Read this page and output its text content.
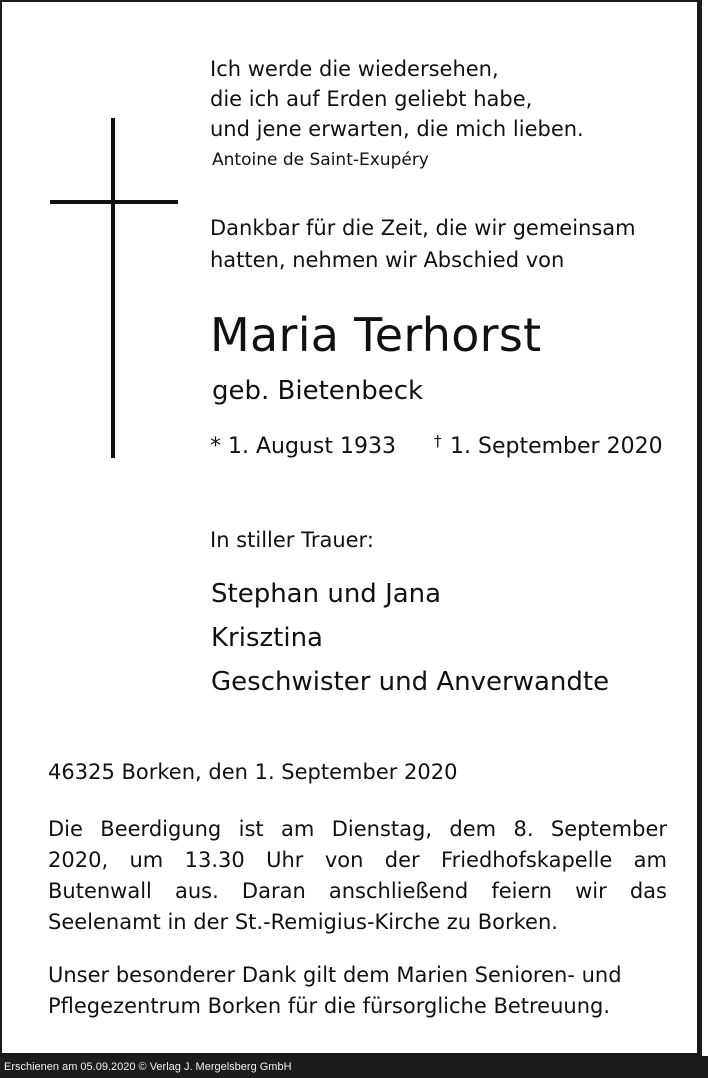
Ich werde die wiedersehen,
die ich auf Erden geliebt habe,
und jene erwarten, die mich lieben.
Antoine de Saint-Exupéry
Dankbar für die Zeit, die wir gemeinsam
hatten, nehmen wir Abschied von
Maria Terhorst
geb. Bietenbeck
* 1. August 1933	† 1. September 2020
In stiller Trauer:
Stephan und Jana
Krisztina
Geschwister und Anverwandte
46325 Borken, den 1. September 2020
Die Beerdigung ist am Dienstag, dem 8. September
2020, um 13.30 Uhr von der Friedhofskapelle am
Butenwall aus. Daran anschließend feiern wir das
Seelenamt in der St.-Remigius-Kirche zu Borken.
Unser besonderer Dank gilt dem Marien Senioren- und
Pflegezentrum Borken für die fürsorgliche Betreuung.
Erschienen am 05.09.2020 © Verlag J. Mergelsberg GmbH
